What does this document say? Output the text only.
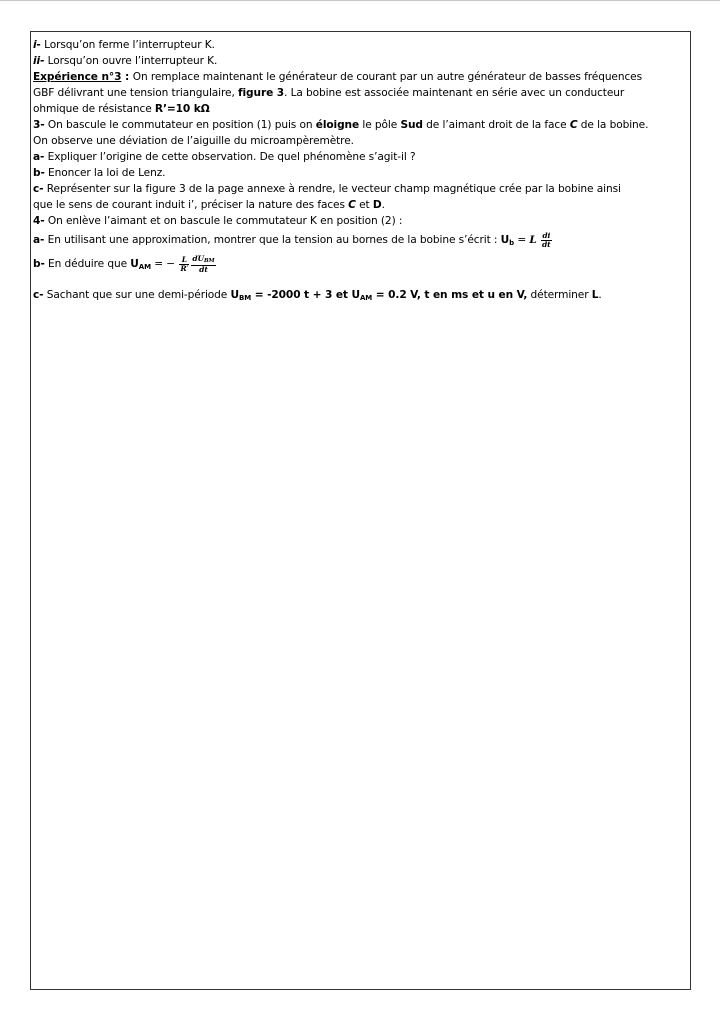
i- Lorsqu’on ferme l’interrupteur K.
ii- Lorsqu’on ouvre l’interrupteur K.
Expérience n°3 : On remplace maintenant le générateur de courant par un autre générateur de basses fréquences
GBF délivrant une tension triangulaire, figure 3. La bobine est associée maintenant en série avec un conducteur
ohmique de résistance R’=10 kΩ
3- On bascule le commutateur en position (1) puis on éloigne le pôle Sud de l’aimant droit de la face C de la bobine.
On observe une déviation de l’aiguille du microampèremètre.
a- Expliquer l’origine de cette observation. De quel phénomène s’agit-il ?
b- Enoncer la loi de Lenz.
c- Représenter sur la figure 3 de la page annexe à rendre, le vecteur champ magnétique crée par la bobine ainsi
que le sens de courant induit i’, préciser la nature des faces C et D.
4- On enlève l’aimant et on bascule le commutateur K en position (2) :
a- En utilisant une approximation, montrer que la tension au bornes de la bobine s’écrit : $U_b = L \frac{di}{dt}$
b- En déduire que $U_{AM}$ = − $\frac{L}{R'} \frac{\text{dUBM}}{dt}$
c- Sachant que sur une demi-période $U_{BM} = -2000$ t + 3 et $U_{AM} = 0.2$ V, t en ms et u en V, déterminer L.
